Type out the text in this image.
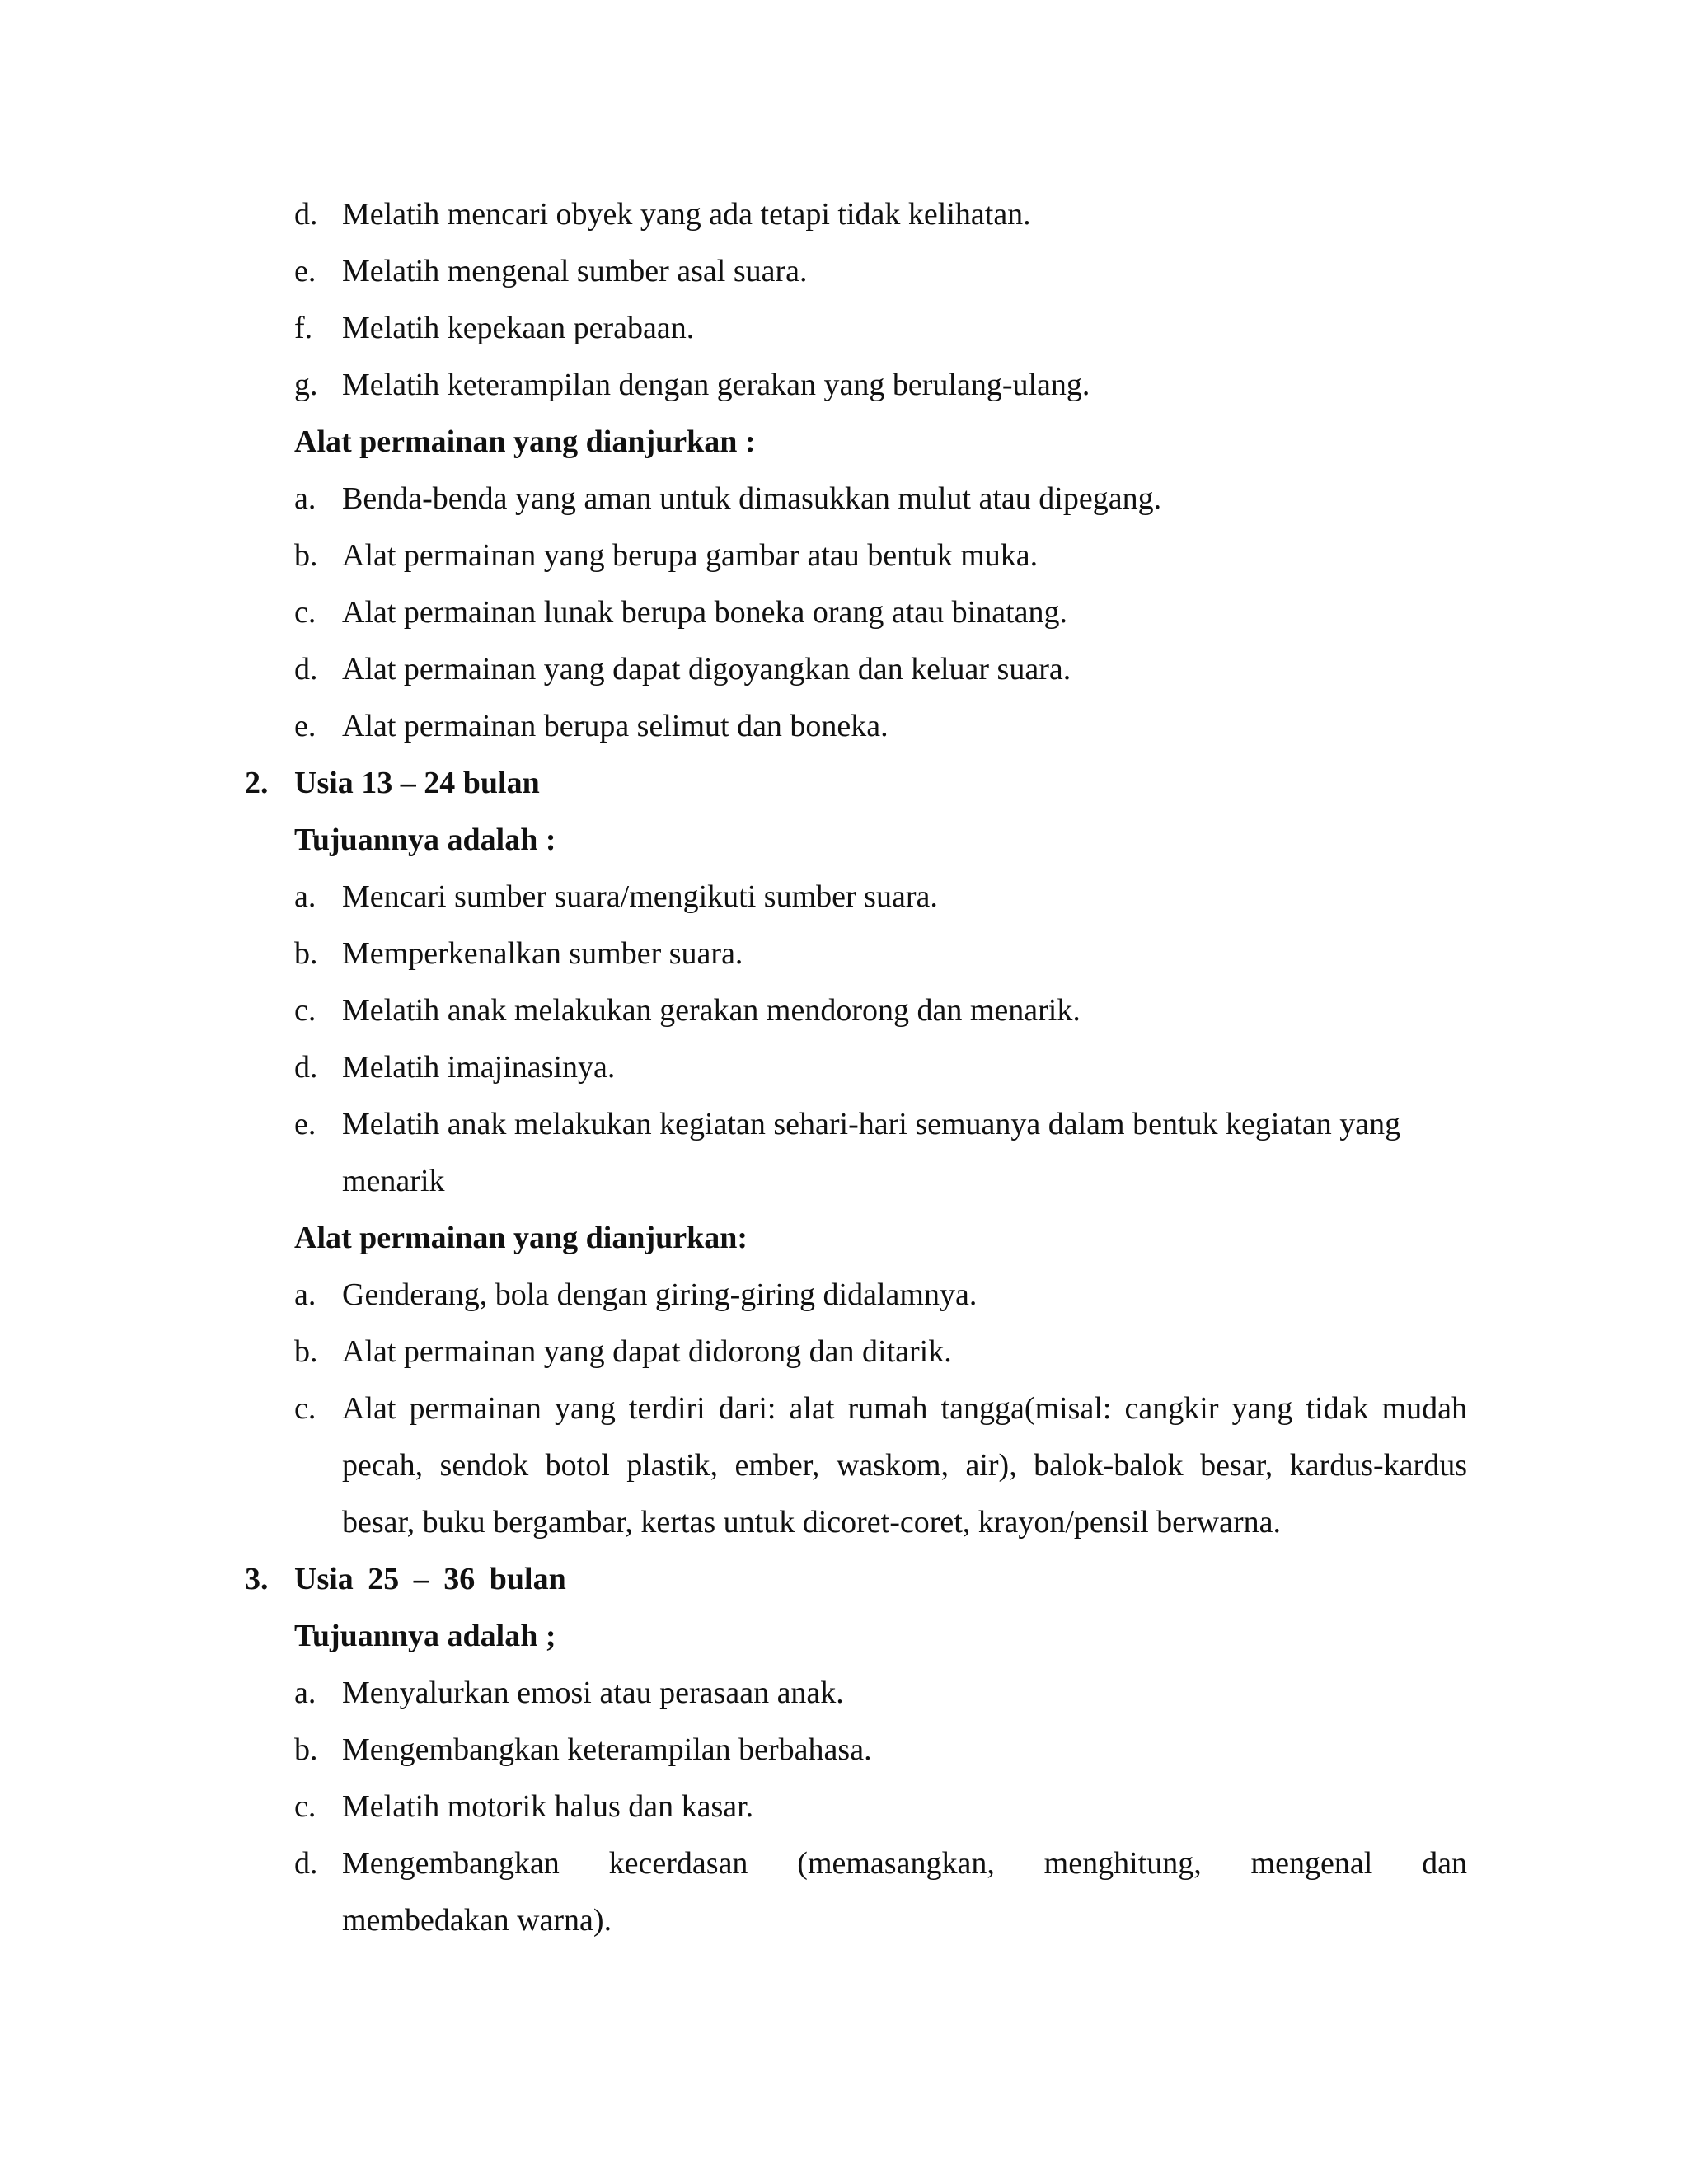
d. Melatih mencari obyek yang ada tetapi tidak kelihatan.
e. Melatih mengenal sumber asal suara.
f. Melatih kepekaan perabaan.
g. Melatih keterampilan dengan gerakan yang berulang-ulang.
Alat permainan yang dianjurkan :
a. Benda-benda yang aman untuk dimasukkan mulut atau dipegang.
b. Alat permainan yang berupa gambar atau bentuk muka.
c. Alat permainan lunak berupa boneka orang atau binatang.
d. Alat permainan yang dapat digoyangkan dan keluar suara.
e. Alat permainan berupa selimut dan boneka.
2. Usia 13 – 24 bulan
Tujuannya adalah :
a. Mencari sumber suara/mengikuti sumber suara.
b. Memperkenalkan sumber suara.
c. Melatih anak melakukan gerakan mendorong dan menarik.
d. Melatih imajinasinya.
e. Melatih anak melakukan kegiatan sehari-hari semuanya dalam bentuk kegiatan yang
menarik
Alat permainan yang dianjurkan:
a. Genderang, bola dengan giring-giring didalamnya.
b. Alat permainan yang dapat didorong dan ditarik.
c. Alat permainan yang terdiri dari: alat rumah tangga(misal: cangkir yang tidak mudah
pecah, sendok botol plastik, ember, waskom, air), balok-balok besar, kardus-kardus
besar, buku bergambar, kertas untuk dicoret-coret, krayon/pensil berwarna.
3. Usia 25 – 36 bulan
Tujuannya adalah ;
a. Menyalurkan emosi atau perasaan anak.
b. Mengembangkan keterampilan berbahasa.
c. Melatih motorik halus dan kasar.
d. Mengembangkan kecerdasan (memasangkan, menghitung, mengenal dan
membedakan warna).
